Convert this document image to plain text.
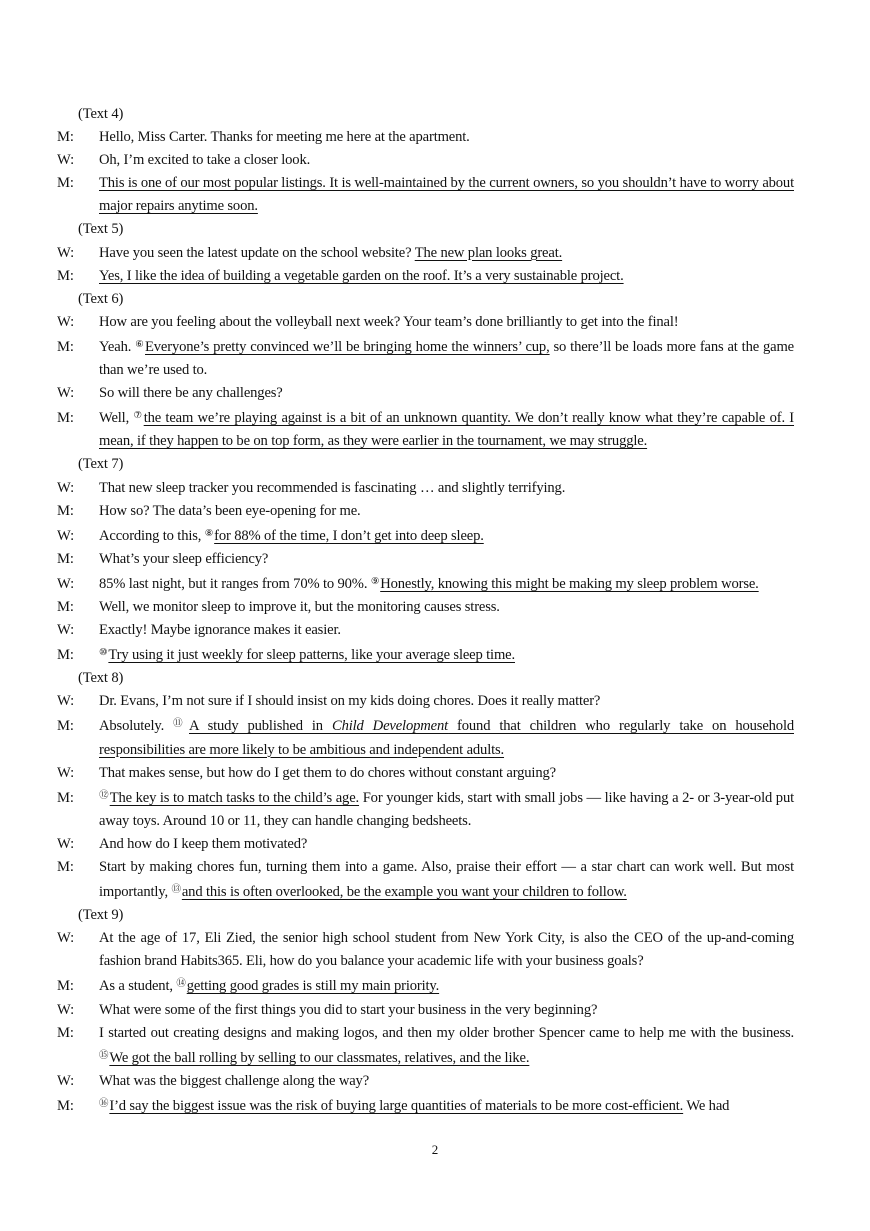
(Text 4)
M: Hello, Miss Carter. Thanks for meeting me here at the apartment.
W: Oh, I’m excited to take a closer look.
M: This is one of our most popular listings. It is well-maintained by the current owners, so you shouldn’t have to worry about major repairs anytime soon.
(Text 5)
W: Have you seen the latest update on the school website? The new plan looks great.
M: Yes, I like the idea of building a vegetable garden on the roof. It’s a very sustainable project.
(Text 6)
W: How are you feeling about the volleyball next week? Your team’s done brilliantly to get into the final!
M: Yeah. ⑥Everyone’s pretty convinced we’ll be bringing home the winners’ cup, so there’ll be loads more fans at the game than we’re used to.
W: So will there be any challenges?
M: Well, ⑦the team we’re playing against is a bit of an unknown quantity. We don’t really know what they’re capable of. I mean, if they happen to be on top form, as they were earlier in the tournament, we may struggle.
(Text 7)
W: That new sleep tracker you recommended is fascinating … and slightly terrifying.
M: How so? The data’s been eye-opening for me.
W: According to this, ⑧for 88% of the time, I don’t get into deep sleep.
M: What’s your sleep efficiency?
W: 85% last night, but it ranges from 70% to 90%. ⑨Honestly, knowing this might be making my sleep problem worse.
M: Well, we monitor sleep to improve it, but the monitoring causes stress.
W: Exactly! Maybe ignorance makes it easier.
M:	⑩Try using it just weekly for sleep patterns, like your average sleep time.
(Text 8)
W: Dr. Evans, I’m not sure if I should insist on my kids doing chores. Does it really matter?
M: Absolutely. ⑪A study published in Child Development found that children who regularly take on household responsibilities are more likely to be ambitious and independent adults.
W: That makes sense, but how do I get them to do chores without constant arguing?
M:	⑫The key is to match tasks to the child’s age. For younger kids, start with small jobs — like having a 2- or 3-year-old put away toys. Around 10 or 11, they can handle changing bedsheets.
W: And how do I keep them motivated?
M: Start by making chores fun, turning them into a game. Also, praise their effort — a star chart can work well. But most importantly, ⑬and this is often overlooked, be the example you want your children to follow.
(Text 9)
W: At the age of 17, Eli Zied, the senior high school student from New York City, is also the CEO of the up-and-coming fashion brand Habits365. Eli, how do you balance your academic life with your business goals?
M: As a student, ⑭getting good grades is still my main priority.
W: What were some of the first things you did to start your business in the very beginning?
M: I started out creating designs and making logos, and then my older brother Spencer came to help me with the business. ⑮We got the ball rolling by selling to our classmates, relatives, and the like.
W: What was the biggest challenge along the way?
M:	⑯I’d say the biggest issue was the risk of buying large quantities of materials to be more cost-efficient. We had
2
